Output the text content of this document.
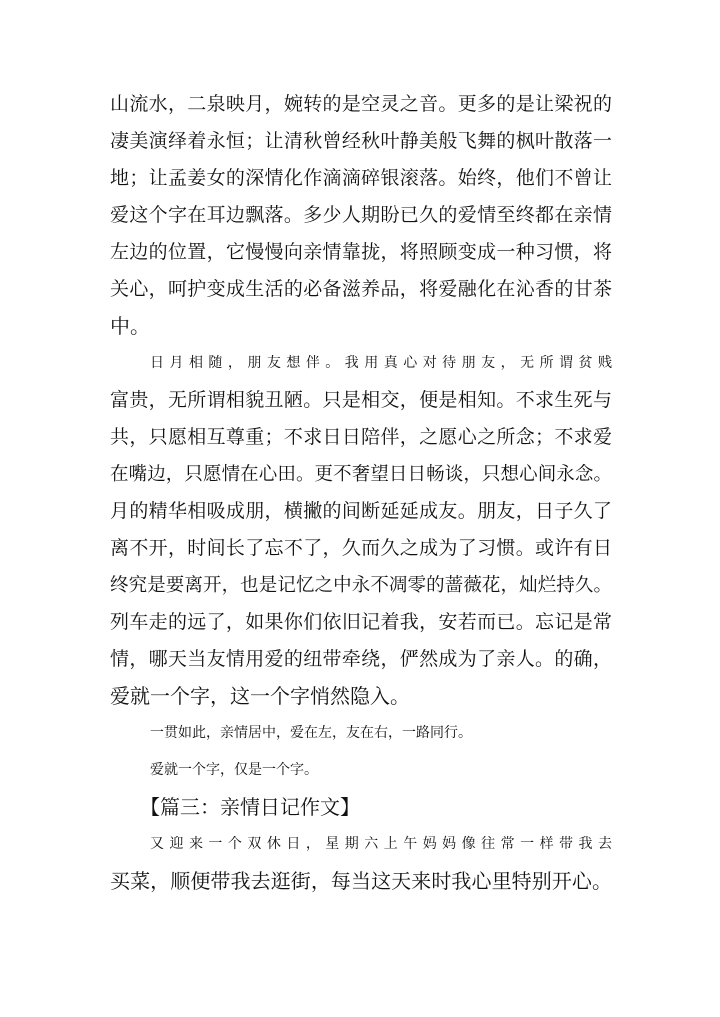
山流水，二泉映月，婉转的是空灵之音。更多的是让梁祝的
凄美演绎着永恒；让清秋曾经秋叶静美般飞舞的枫叶散落一
地；让孟姜女的深情化作滴滴碎银滚落。始终，他们不曾让
爱这个字在耳边飘落。多少人期盼已久的爱情至终都在亲情
左边的位置，它慢慢向亲情靠拢，将照顾变成一种习惯，将
关心，呵护变成生活的必备滋养品，将爱融化在沁香的甘茶
中。
日月相随，朋友想伴。我用真心对待朋友，无所谓贫贱
富贵，无所谓相貌丑陋。只是相交，便是相知。不求生死与
共，只愿相互尊重；不求日日陪伴，之愿心之所念；不求爱
在嘴边，只愿情在心田。更不奢望日日畅谈，只想心间永念。
月的精华相吸成朋，横撇的间断延延成友。朋友，日子久了
离不开，时间长了忘不了，久而久之成为了习惯。或许有日
终究是要离开，也是记忆之中永不凋零的蔷薇花，灿烂持久。
列车走的远了，如果你们依旧记着我，安若而已。忘记是常
情，哪天当友情用爱的纽带牵绕，俨然成为了亲人。的确，
爱就一个字，这一个字悄然隐入。
一贯如此，亲情居中，爱在左，友在右，一路同行。
爱就一个字，仅是一个字。
【篇三：亲情日记作文】
又迎来一个双休日，星期六上午妈妈像往常一样带我去
买菜，顺便带我去逛街，每当这天来时我心里特别开心。
